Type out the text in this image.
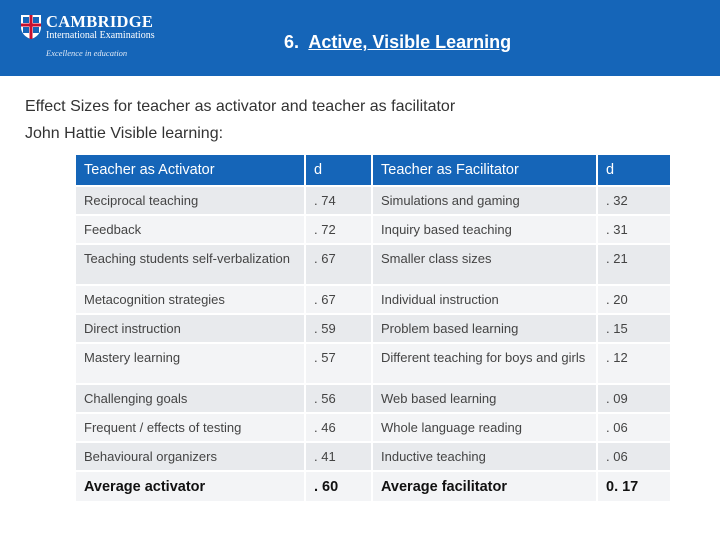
CAMBRIDGE
International Examinations
Excellence in education
6. Active, Visible Learning
Effect Sizes for teacher as activator and teacher as facilitator
John Hattie Visible learning:
Teacher as Activator	d	Teacher as Facilitator	d
Reciprocal teaching	. 74	Simulations and gaming	. 32
Feedback	. 72	Inquiry based teaching	. 31
Teaching students self-verbalization	. 67	Smaller class sizes	. 21
Metacognition strategies	. 67	Individual instruction	. 20
Direct instruction	. 59	Problem based learning	. 15
Mastery learning	. 57	Different teaching for boys and girls	. 12
Challenging goals	. 56	Web based learning	. 09
Frequent / effects of testing	. 46	Whole language reading	. 06
Behavioural organizers	. 41	Inductive teaching	. 06
Average activator	. 60	Average facilitator	0. 17
